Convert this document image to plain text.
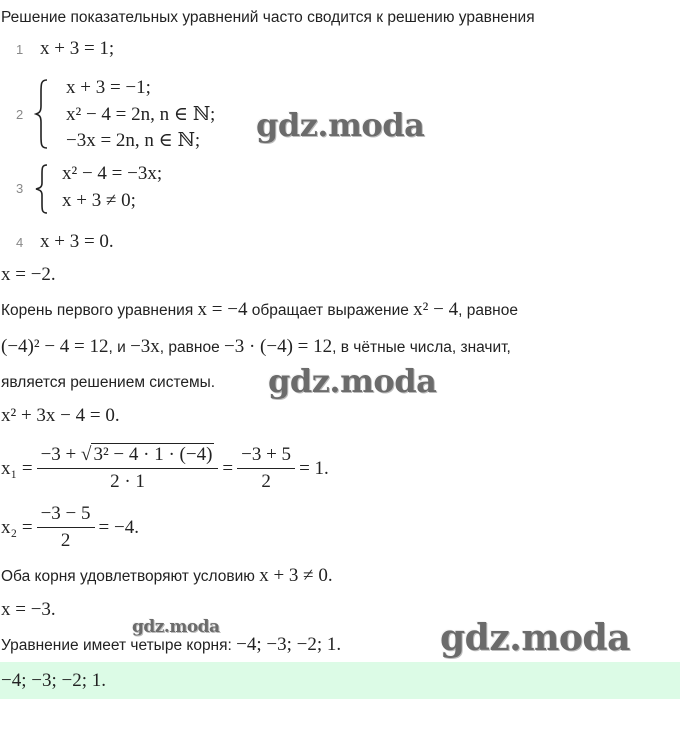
Решение показательных уравнений часто сводится к решению уравнения
1 x + 3 = 1;
2
x + 3 = −1;
x² − 4 = 2n, n ∈ ℕ;
−3x = 2n, n ∈ ℕ;
3
x² − 4 = −3x;
x + 3 ≠ 0;
4 x + 3 = 0.
x = −2.
Корень первого уравнения x = −4 обращает выражение x² − 4, равное
(−4)² − 4 = 12, и −3x, равное −3 · (−4) = 12, в чётные числа, значит,
является решением системы.
x² + 3x − 4 = 0.
$x_1 = \frac{\text{−3 + √ 3² − 4 · 1 · (−4)}}{2 \cdot 1} = \frac{-3 + 5}{2} = 1$.
$x_2 = \frac{-3 - 5}{2} = -4$.
Оба корня удовлетворяют условию x + 3 ≠ 0.
x = −3.
Уравнение имеет четыре корня: −4; −3; −2; 1.
−4; −3; −2; 1.
gdz.moda
gdz.moda
gdz.moda	gdz.moda
